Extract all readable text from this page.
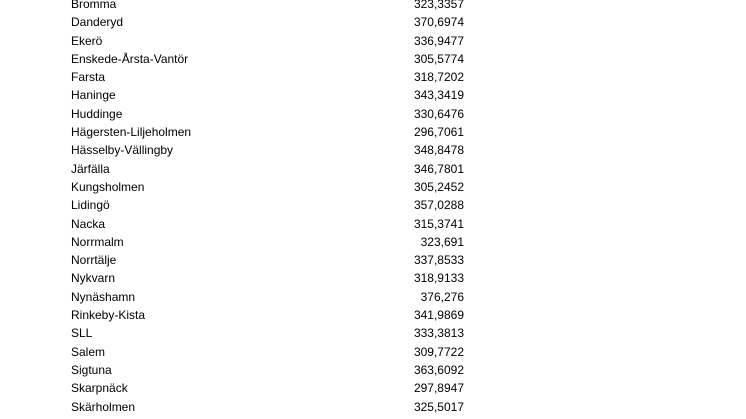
Bromma	323,3357
Danderyd	370,6974
Ekerö	336,9477
Enskede-Årsta-Vantör	305,5774
Farsta	318,7202
Haninge	343,3419
Huddinge	330,6476
Hägersten-Liljeholmen	296,7061
Hässelby-Vällingby	348,8478
Järfälla	346,7801
Kungsholmen	305,2452
Lidingö	357,0288
Nacka	315,3741
Norrmalm	323,691
Norrtälje	337,8533
Nykvarn	318,9133
Nynäshamn	376,276
Rinkeby-Kista	341,9869
SLL	333,3813
Salem	309,7722
Sigtuna	363,6092
Skarpnäck	297,8947
Skärholmen	325,5017
